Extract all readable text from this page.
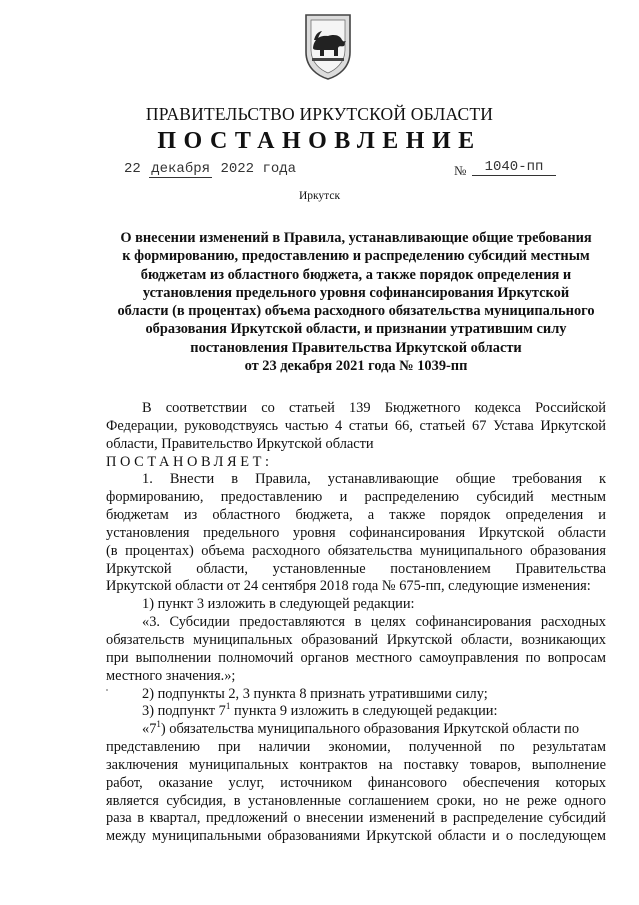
ПРАВИТЕЛЬСТВО ИРКУТСКОЙ ОБЛАСТИ
ПОСТАНОВЛЕНИЕ
22 декабря 2022 года	№	1040-пп
Иркутск
О внесении изменений в Правила, устанавливающие общие требования
к формированию, предоставлению и распределению субсидий местным
бюджетам из областного бюджета, а также порядок определения и
установления предельного уровня софинансирования Иркутской
области (в процентах) объема расходного обязательства муниципального
образования Иркутской области, и признании утратившим силу
постановления Правительства Иркутской области
от 23 декабря 2021 года № 1039-пп
В соответствии со статьей 139 Бюджетного кодекса Российской
Федерации, руководствуясь частью 4 статьи 66, статьей 67 Устава Иркутской
области, Правительство Иркутской области
ПОСТАНОВЛЯЕТ:
1. Внести в Правила, устанавливающие общие требования к
формированию, предоставлению и распределению субсидий местным
бюджетам из областного бюджета, а также порядок определения и
установления предельного уровня софинансирования Иркутской области
(в процентах) объема расходного обязательства муниципального образования
Иркутской области, установленные постановлением Правительства
Иркутской области от 24 сентября 2018 года № 675-пп, следующие изменения:
1) пункт 3 изложить в следующей редакции:
«3. Субсидии предоставляются в целях софинансирования расходных
обязательств муниципальных образований Иркутской области, возникающих
при выполнении полномочий органов местного самоуправления по вопросам
местного значения.»;
2) подпункты 2, 3 пункта 8 признать утратившими силу;
3) подпункт $7^1$ пункта 9 изложить в следующей редакции:
«$7^1$) обязательства муниципального образования Иркутской области по
представлению при наличии экономии, полученной по результатам
заключения муниципальных контрактов на поставку товаров, выполнение
работ, оказание услуг, источником финансового обеспечения которых
является субсидия, в установленные соглашением сроки, но не реже одного
раза в квартал, предложений о внесении изменений в распределение субсидий
между муниципальными образованиями Иркутской области и о последующем
